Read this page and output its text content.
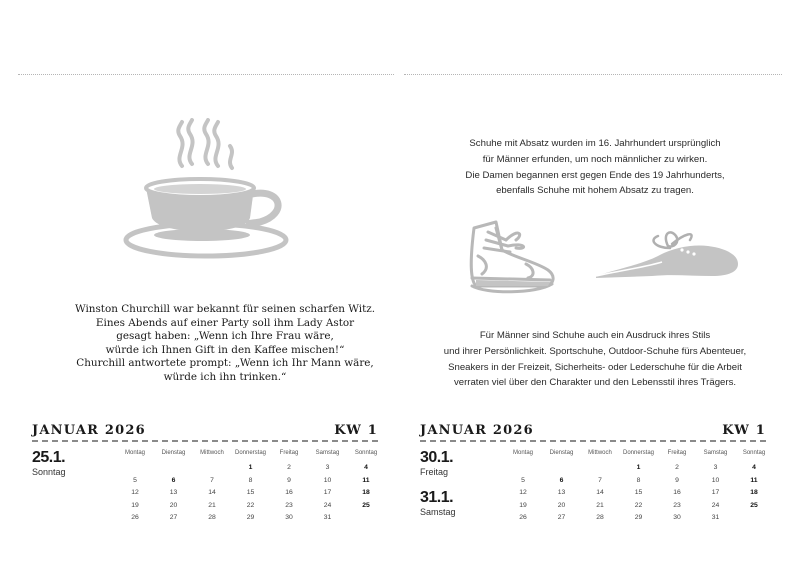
Winston Churchill war bekannt für seinen scharfen Witz.
Eines Abends auf einer Party soll ihm Lady Astor
gesagt haben: „Wenn ich Ihre Frau wäre,
würde ich Ihnen Gift in den Kaffee mischen!“
Churchill antwortete prompt: „Wenn ich Ihr Mann wäre,
würde ich ihn trinken.“
Schuhe mit Absatz wurden im 16. Jahrhundert ursprünglich
für Männer erfunden, um noch männlicher zu wirken.
Die Damen begannen erst gegen Ende des 19 Jahrhunderts,
ebenfalls Schuhe mit hohem Absatz zu tragen.
Für Männer sind Schuhe auch ein Ausdruck ihres Stils
und ihrer Persönlichkeit. Sportschuhe, Outdoor-Schuhe fürs Abenteuer,
Sneakers in der Freizeit, Sicherheits- oder Lederschuhe für die Arbeit
verraten viel über den Charakter und den Lebensstil ihres Trägers.
JANUAR 2026	KW 1
25.1.
Sonntag
Montag
5
12
19
26
Dienstag
6
13
20
27
Mittwoch
7
14
21
28
Donnerstag
1
8
15
22
29
Freitag
2
9
16
23
30
Samstag
3
10
17
24
31
Sonntag
4
11
18
25
JANUAR 2026	KW 1
30.1.
Freitag
31.1.
Samstag
Montag
5
12
19
26
Dienstag
6
13
20
27
Mittwoch
7
14
21
28
Donnerstag
1
8
15
22
29
Freitag
2
9
16
23
30
Samstag
3
10
17
24
31
Sonntag
4
11
18
25
